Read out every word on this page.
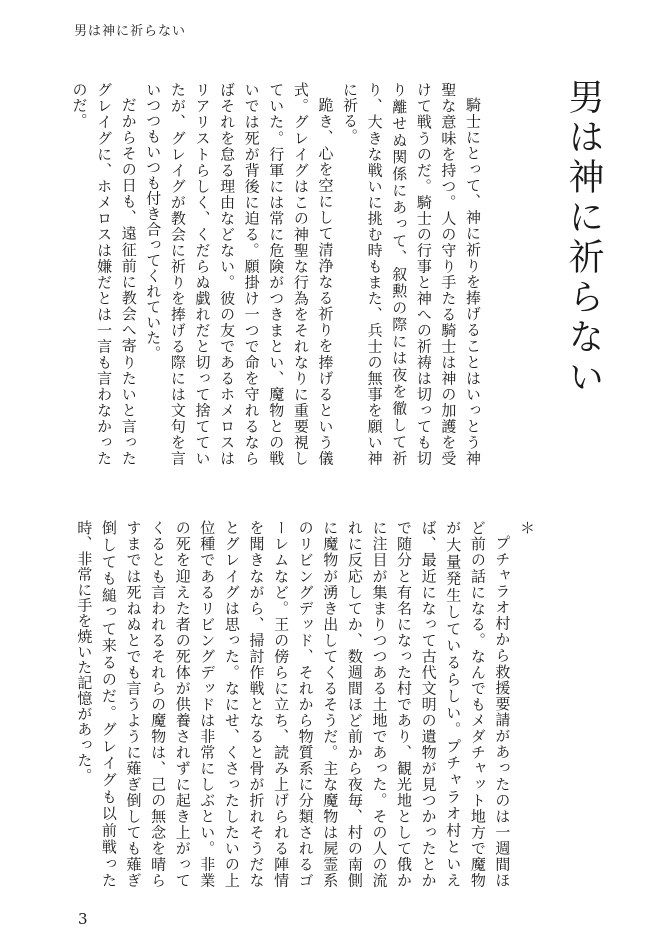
男は神に祈らない
男は神に祈らない

騎士にとって、神に祈りを捧げることはいっとう神聖な意味を持つ。人の守り手たる騎士は神の加護を受けて戦うのだ。騎士の行事と神への祈祷は切っても切り離せぬ関係にあって、叙勲の際には夜を徹して祈り、大きな戦いに挑む時もまた、兵士の無事を願い神に祈る。

跪き、心を空にして清浄なる祈りを捧げるという儀式。グレイグはこの神聖な行為をそれなりに重要視していた。行軍には常に危険がつきまとい、魔物との戦いでは死が背後に迫る。願掛け一つで命を守れるならばそれを怠る理由などない。彼の友であるホメロスはリアリストらしく、くだらぬ戯れだと切って捨てていたが、グレイグが教会に祈りを捧げる際には文句を言いつつもいつも付き合ってくれていた。

だからその日も、遠征前に教会へ寄りたいと言ったグレイグに、ホメロスは嫌だとは一言も言わなかったのだ。

＊

プチャラオ村から救援要請があったのは一週間ほど前の話になる。なんでもメダチャット地方で魔物が大量発生しているらしい。プチャラオ村といえば、最近になって古代文明の遺物が見つかったとかで随分と有名になった村であり、観光地として俄かに注目が集まりつつある土地であった。その人の流れに反応してか、数週間ほど前から夜毎、村の南側に魔物が湧き出してくるそうだ。主な魔物は屍霊系のリビングデッド、それから物質系に分類されるゴーレムなど。王の傍らに立ち、読み上げられる陣情を聞きながら、掃討作戦となると骨が折れそうだなとグレイグは思った。なにせ、くさったしたいの上位種であるリビングデッドは非常にしぶとい。非業の死を迎えた者の死体が供養されずに起き上がってくるとも言われるそれらの魔物は、己の無念を晴らすまでは死ねぬとでも言うように薙ぎ倒しても薙ぎ倒しても縋って来るのだ。グレイグも以前戦った時、非常に手を焼いた記憶があった。

3
